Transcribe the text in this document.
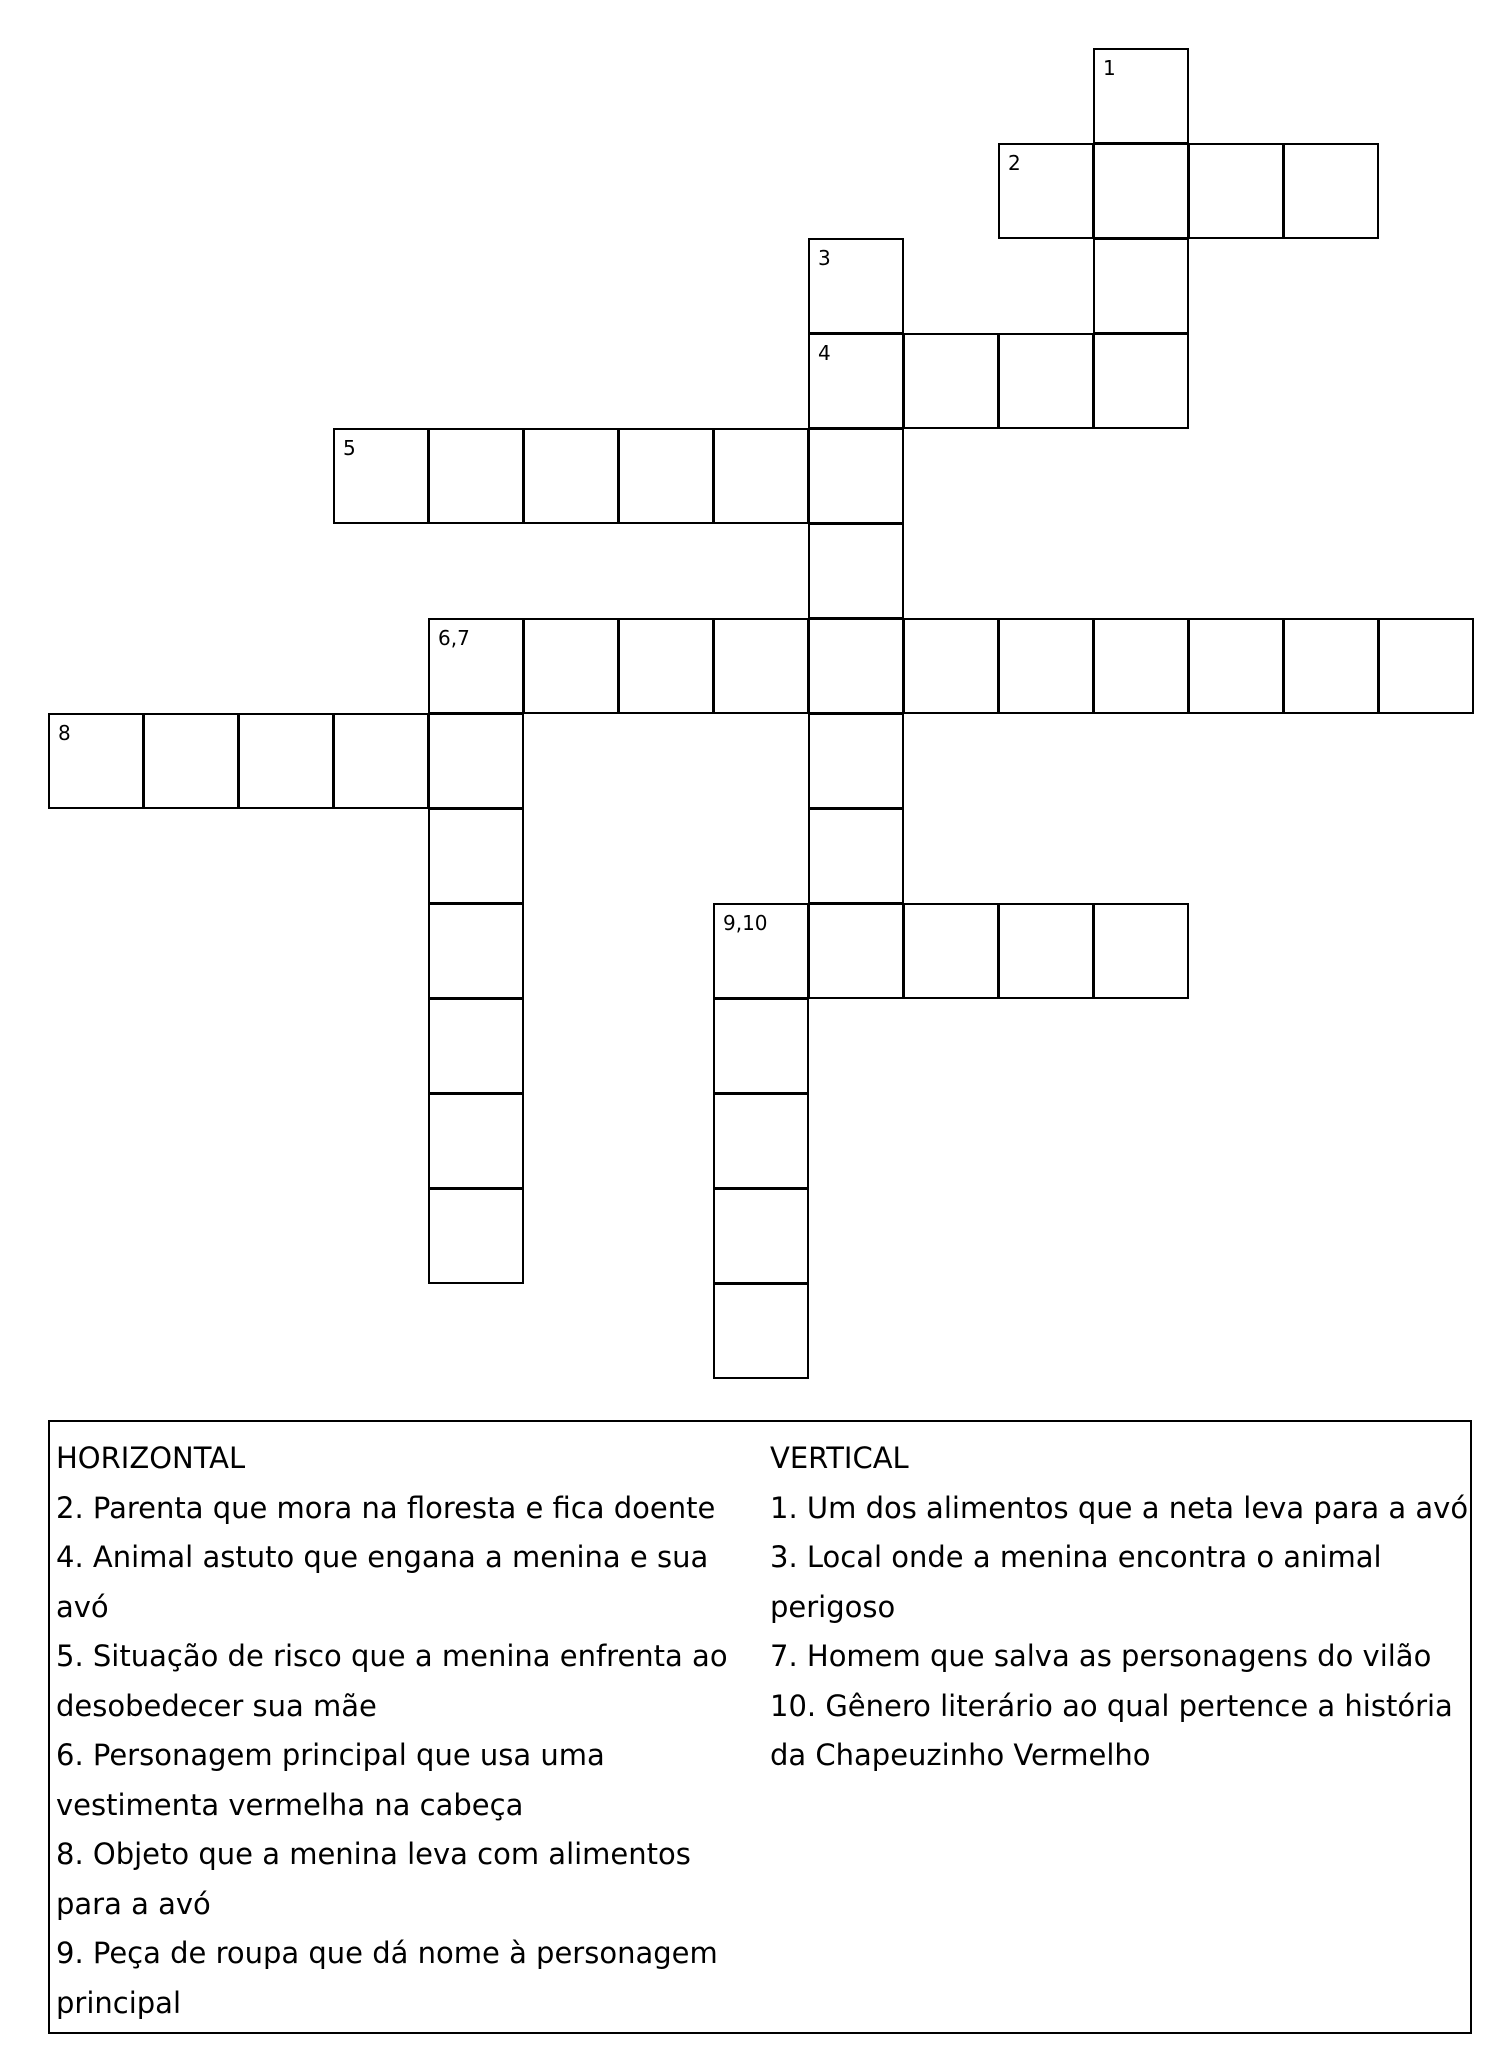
1
2
3
4
5
6,7
8
9,10
HORIZONTAL
2. Parenta que mora na floresta e fica doente
4. Animal astuto que engana a menina e sua avó
5. Situação de risco que a menina enfrenta ao desobedecer sua mãe
6. Personagem principal que usa uma vestimenta vermelha na cabeça
8. Objeto que a menina leva com alimentos para a avó
9. Peça de roupa que dá nome à personagem principal
VERTICAL
1. Um dos alimentos que a neta leva para a avó
3. Local onde a menina encontra o animal perigoso
7. Homem que salva as personagens do vilão
10. Gênero literário ao qual pertence a história da Chapeuzinho Vermelho
